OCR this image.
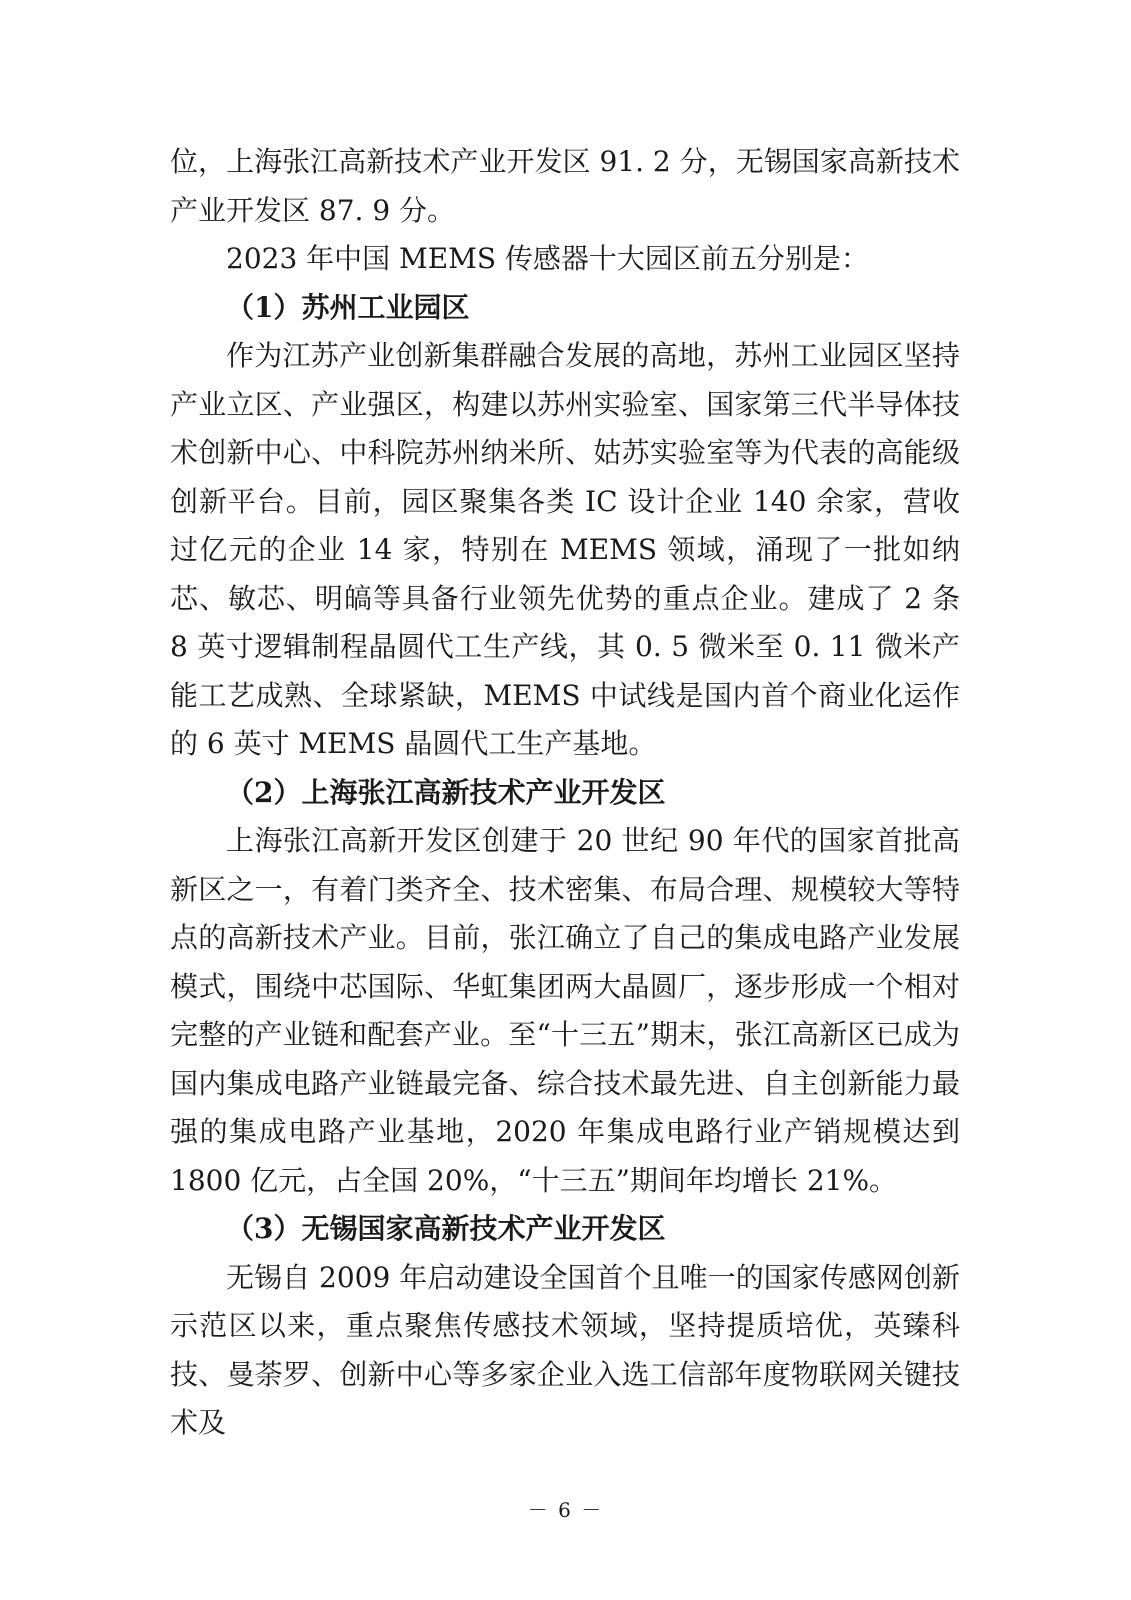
位，上海张江高新技术产业开发区 91. 2 分，无锡国家高新技术产业开发区 87. 9 分。

2023 年中国 MEMS 传感器十大园区前五分别是：

（1）苏州工业园区

作为江苏产业创新集群融合发展的高地，苏州工业园区坚持产业立区、产业强区，构建以苏州实验室、国家第三代半导体技术创新中心、中科院苏州纳米所、姑苏实验室等为代表的高能级创新平台。目前，园区聚集各类 IC 设计企业 140 余家，营收过亿元的企业 14 家，特别在 MEMS 领域，涌现了一批如纳芯、敏芯、明皜等具备行业领先优势的重点企业。建成了 2 条 8 英寸逻辑制程晶圆代工生产线，其 0. 5 微米至 0. 11 微米产能工艺成熟、全球紧缺，MEMS 中试线是国内首个商业化运作的 6 英寸 MEMS 晶圆代工生产基地。

（2）上海张江高新技术产业开发区

上海张江高新开发区创建于 20 世纪 90 年代的国家首批高新区之一，有着门类齐全、技术密集、布局合理、规模较大等特点的高新技术产业。目前，张江确立了自己的集成电路产业发展模式，围绕中芯国际、华虹集团两大晶圆厂，逐步形成一个相对完整的产业链和配套产业。至“十三五”期末，张江高新区已成为国内集成电路产业链最完备、综合技术最先进、自主创新能力最强的集成电路产业基地，2020 年集成电路行业产销规模达到 1800 亿元，占全国 20%，“十三五”期间年均增长 21%。

（3）无锡国家高新技术产业开发区

无锡自 2009 年启动建设全国首个且唯一的国家传感网创新示范区以来，重点聚焦传感技术领域，坚持提质培优，英臻科技、曼荼罗、创新中心等多家企业入选工信部年度物联网关键技术及

－ 6 －
